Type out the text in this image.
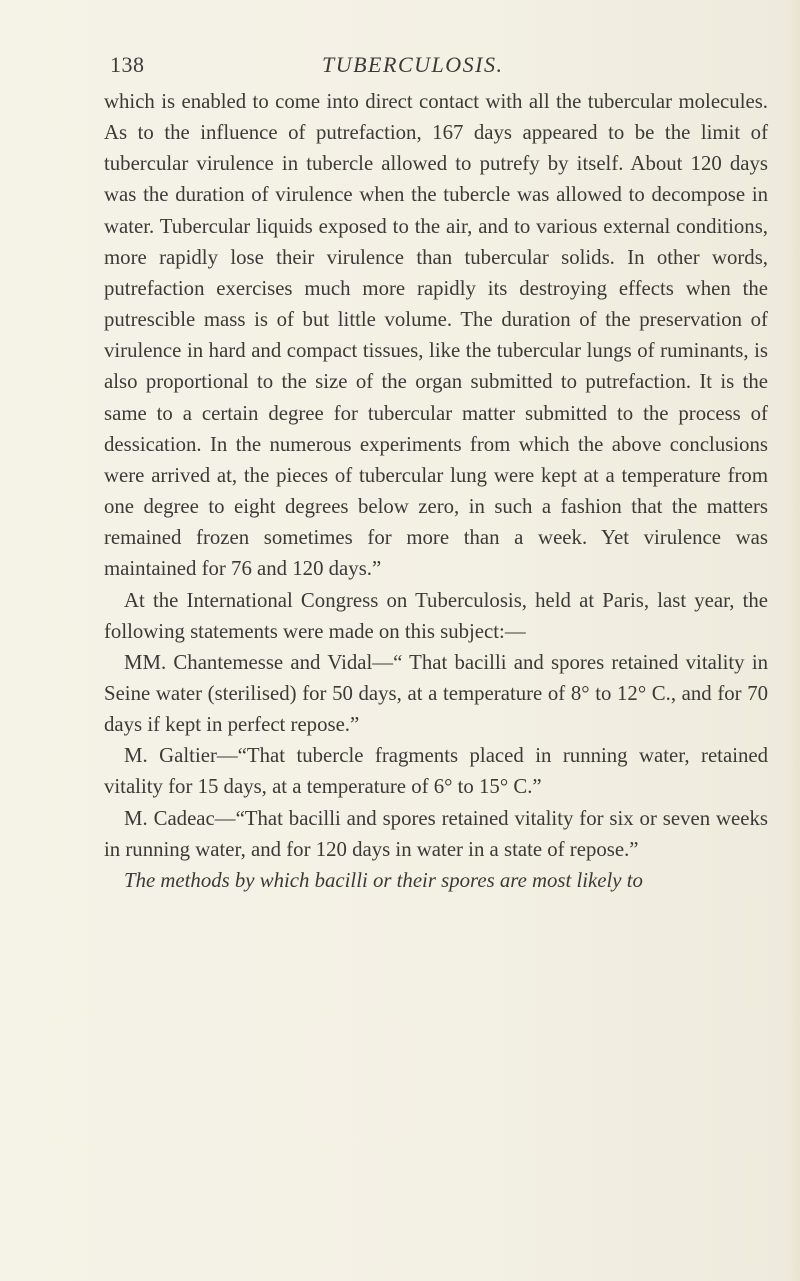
138	TUBERCULOSIS.

which is enabled to come into direct contact with all the tubercular molecules. As to the influence of putrefaction, 167 days appeared to be the limit of tubercular virulence in tubercle allowed to putrefy by itself. About 120 days was the duration of virulence when the tubercle was allowed to decompose in water. Tubercular liquids exposed to the air, and to various external conditions, more rapidly lose their virulence than tubercular solids. In other words, putrefaction exercises much more rapidly its destroying effects when the putrescible mass is of but little volume. The duration of the preservation of virulence in hard and compact tissues, like the tubercular lungs of ruminants, is also proportional to the size of the organ submitted to putrefaction. It is the same to a certain degree for tubercular matter submitted to the process of dessication. In the numerous experiments from which the above conclusions were arrived at, the pieces of tubercular lung were kept at a temperature from one degree to eight degrees below zero, in such a fashion that the matters remained frozen sometimes for more than a week. Yet virulence was maintained for 76 and 120 days.”

At the International Congress on Tuberculosis, held at Paris, last year, the following statements were made on this subject:—

MM. Chantemesse and Vidal—“ That bacilli and spores retained vitality in Seine water (sterilised) for 50 days, at a temperature of 8° to 12° C., and for 70 days if kept in perfect repose.”

M. Galtier—“That tubercle fragments placed in running water, retained vitality for 15 days, at a temperature of 6° to 15° C.”

M. Cadeac—“That bacilli and spores retained vitality for six or seven weeks in running water, and for 120 days in water in a state of repose.”

The methods by which bacilli or their spores are most likely to
